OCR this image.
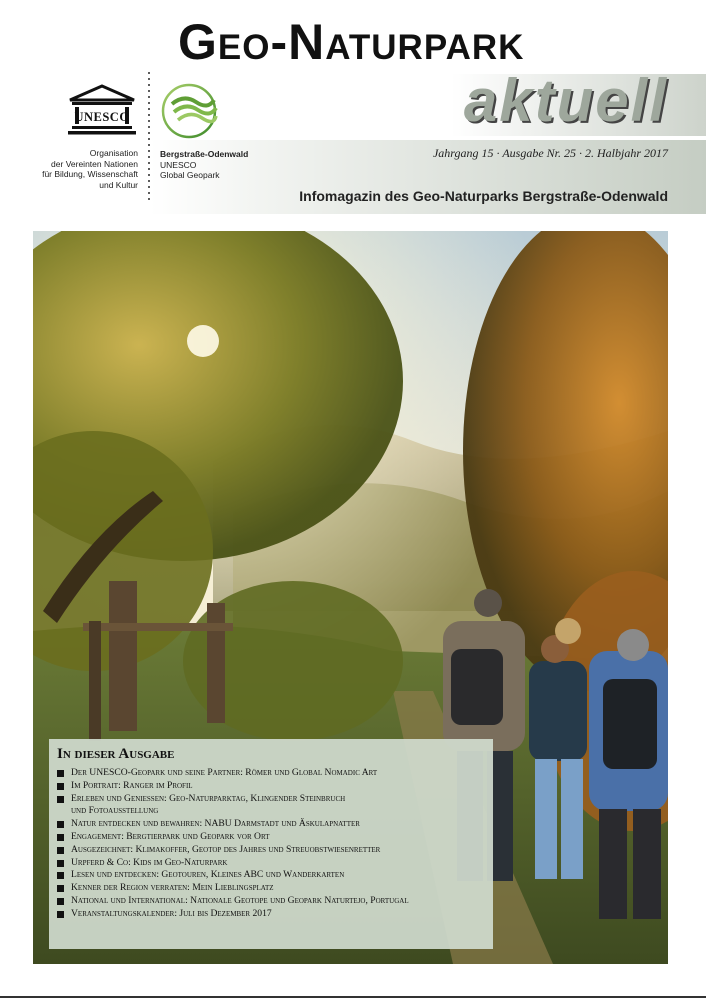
Geo-Naturpark
aktuell
Jahrgang 15 · Ausgabe Nr. 25 · 2. Halbjahr 2017
Infomagazin des Geo-Naturparks Bergstraße-Odenwald
UNESCO
Organisation
der Vereinten Nationen
für Bildung, Wissenschaft
und Kultur
Bergstraße-Odenwald
UNESCO
Global Geopark
In dieser Ausgabe
Der UNESCO-Geopark und seine Partner: Römer und Global Nomadic Art
Im Portrait: Ranger im Profil
Erleben und Geniessen: Geo-Naturparktag, Klingender Steinbruch
und Fotoausstellung
Natur entdecken und bewahren: NABU Darmstadt und Äskulapnatter
Engagement: Bergtierpark und Geopark vor Ort
Ausgezeichnet: Klimakoffer, Geotop des Jahres und Streuobstwiesenretter
Urpferd & Co: Kids im Geo-Naturpark
Lesen und entdecken: Geotouren, Kleines ABC und Wanderkarten
Kenner der Region verraten: Mein Lieblingsplatz
National und International: Nationale Geotope und Geopark Naturtejo, Portugal
Veranstaltungskalender: Juli bis Dezember 2017
